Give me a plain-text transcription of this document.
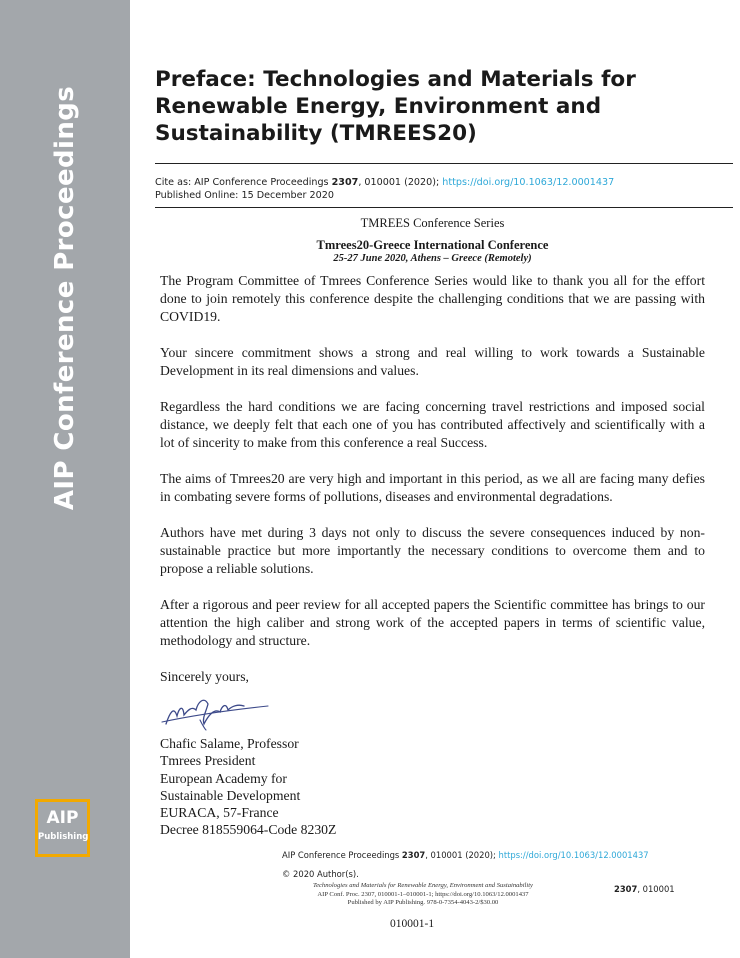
AIP Conference Proceedings
AIP
Publishing
Preface: Technologies and Materials for Renewable Energy, Environment and Sustainability (TMREES20)
Cite as: AIP Conference Proceedings 2307, 010001 (2020); https://doi.org/10.1063/12.0001437
Published Online: 15 December 2020
TMREES Conference Series
Tmrees20-Greece International Conference
25-27 June 2020, Athens – Greece (Remotely)

The Program Committee of Tmrees Conference Series would like to thank you all for the effort done to join remotely this conference despite the challenging conditions that we are passing with COVID19.

Your sincere commitment shows a strong and real willing to work towards a Sustainable Development in its real dimensions and values.

Regardless the hard conditions we are facing concerning travel restrictions and imposed social distance, we deeply felt that each one of you has contributed affectively and scientifically with a lot of sincerity to make from this conference a real Success.

The aims of Tmrees20 are very high and important in this period, as we all are facing many defies in combating severe forms of pollutions, diseases and environmental degradations.

Authors have met during 3 days not only to discuss the severe consequences induced by non-sustainable practice but more importantly the necessary conditions to overcome them and to propose a reliable solutions.

After a rigorous and peer review for all accepted papers the Scientific committee has brings to our attention the high caliber and strong work of the accepted papers in terms of scientific value, methodology and structure.

Sincerely yours,
Chafic Salame, Professor
Tmrees President
European Academy for
Sustainable Development
EURACA, 57-France
Decree 818559064-Code 8230Z
AIP Conference Proceedings 2307, 010001 (2020); https://doi.org/10.1063/12.0001437
© 2020 Author(s).
Technologies and Materials for Renewable Energy, Environment and Sustainability
AIP Conf. Proc. 2307, 010001-1–010001-1; https://doi.org/10.1063/12.0001437
Published by AIP Publishing. 978-0-7354-4043-2/$30.00
2307, 010001
010001-1
